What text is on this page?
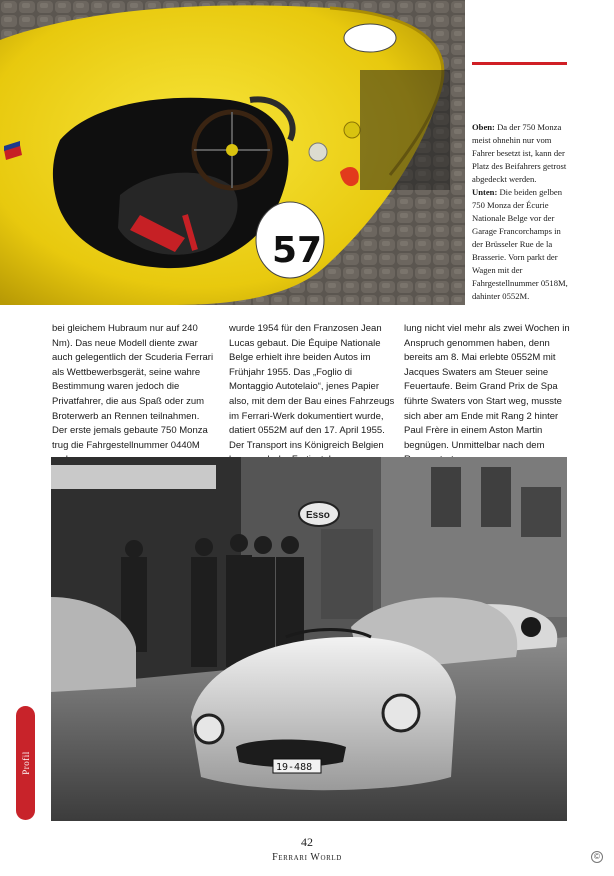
57

Oben: Da der 750 Monza meist ohnehin nur vom Fahrer besetzt ist, kann der Platz des Beifahrers getrost abgedeckt werden.

Unten: Die beiden gelben 750 Monza der Écurie Nationale Belge vor der Garage Francorchamps in der Brüsseler Rue de la Brasserie. Vorn parkt der Wagen mit der Fahrgestellnummer 0518M, dahinter 0552M.

bei gleichem Hubraum nur auf 240 Nm). Das neue Modell diente zwar auch gelegentlich der Scuderia Ferrari als Wettbewerbsgerät, seine wahre Bestimmung waren jedoch die Privatfahrer, die aus Spaß oder zum Broterwerb an Rennen teilnahmen.

Der erste jemals gebaute 750 Monza trug die Fahrgestellnummer 0440M

wurde 1954 für den Franzosen Jean Lucas gebaut. Die Équipe Nationale Belge erhielt ihre beiden Autos im Frühjahr 1955. Das „Foglio di Montaggio Autotelaio“, jenes Papier also, mit dem der Bau eines Fahrzeugs im Ferrari-Werk dokumentiert wurde, datiert 0552M auf den 17. April 1955. Der Transport ins Königreich Belgien

lung nicht viel mehr als zwei Wochen in Anspruch genommen haben, denn bereits am 8. Mai erlebte 0552M mit Jacques Swaters am Steuer seine Feuertaufe. Beim Grand Prix de Spa führte Swaters von Start weg, musste sich aber am Ende mit Rang 2 hinter Paul Frère in einem Aston Martin begnügen. Unmittelbar nach dem

Esso
19-488
Profil
42
Ferrari World	©
